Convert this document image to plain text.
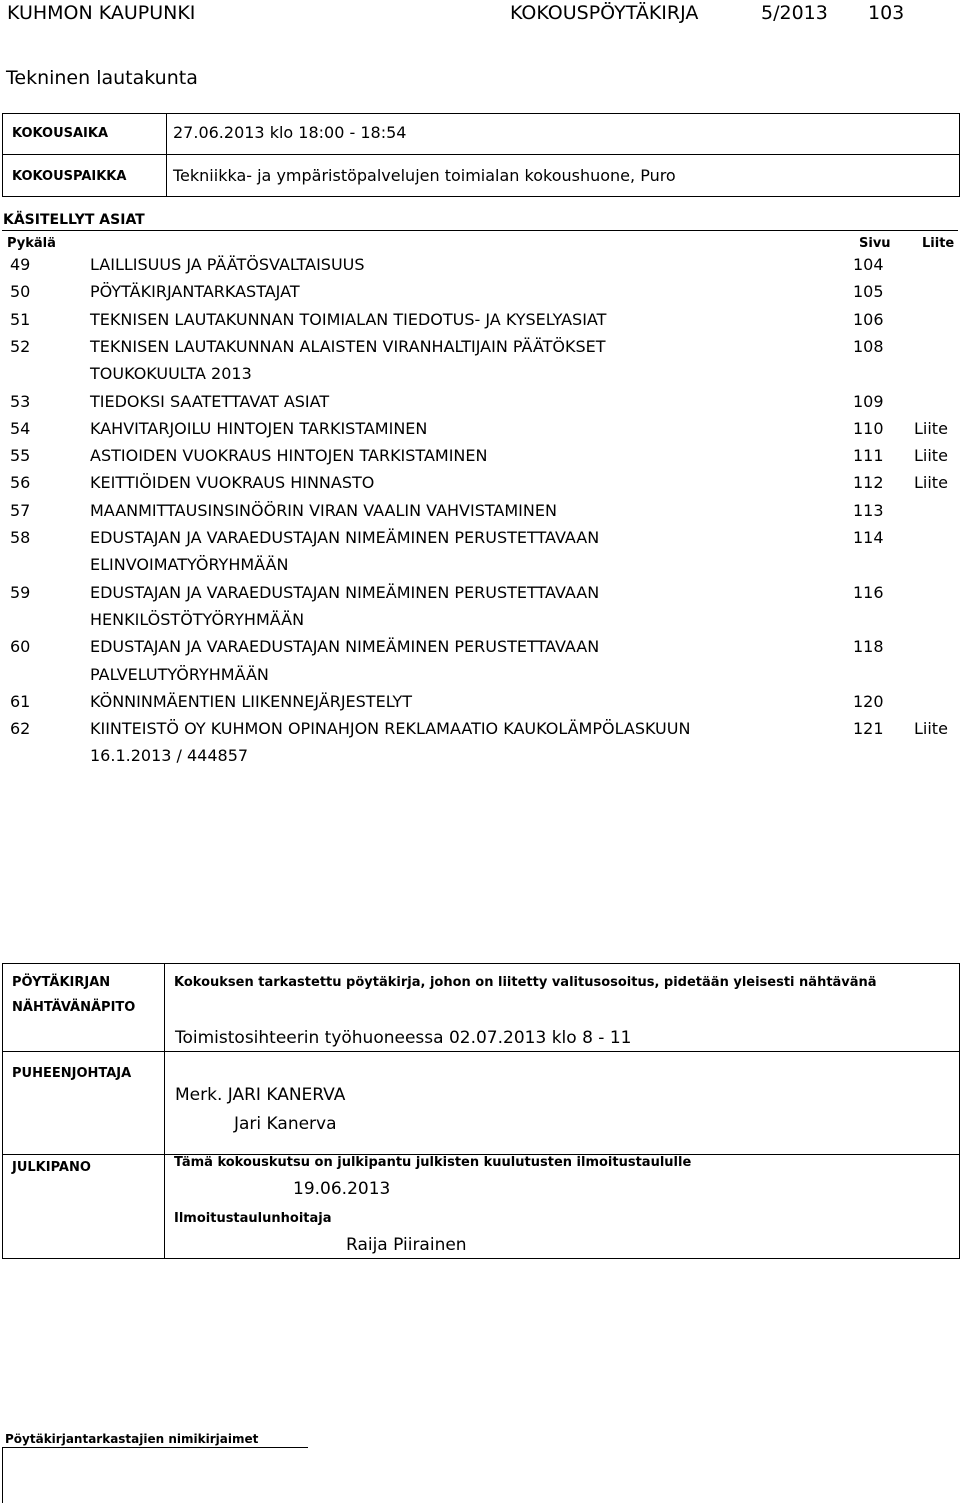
KUHMON KAUPUNKI	KOKOUSPÖYTÄKIRJA	5/2013 103
Tekninen lautakunta
KOKOUSAIKA	27.06.2013 klo 18:00 - 18:54
KOKOUSPAIKKA	Tekniikka- ja ympäristöpalvelujen toimialan kokoushuone, Puro
KÄSITELLYT ASIAT
Pykälä	Sivu Liite
49	LAILLISUUS JA PÄÄTÖSVALTAISUUS	104
50	PÖYTÄKIRJANTARKASTAJAT	105
51	TEKNISEN LAUTAKUNNAN TOIMIALAN TIEDOTUS- JA KYSELYASIAT	106
52	TEKNISEN LAUTAKUNNAN ALAISTEN VIRANHALTIJAIN PÄÄTÖKSET	108
TOUKOKUULTA 2013
53	TIEDOKSI SAATETTAVAT ASIAT	109
54	KAHVITARJOILU HINTOJEN TARKISTAMINEN	110 Liite
55	ASTIOIDEN VUOKRAUS HINTOJEN TARKISTAMINEN	111 Liite
56	KEITTIÖIDEN VUOKRAUS HINNASTO	112 Liite
57	MAANMITTAUSINSINÖÖRIN VIRAN VAALIN VAHVISTAMINEN	113
58	EDUSTAJAN JA VARAEDUSTAJAN NIMEÄMINEN PERUSTETTAVAAN	114
ELINVOIMATYÖRYHMÄÄN
59	EDUSTAJAN JA VARAEDUSTAJAN NIMEÄMINEN PERUSTETTAVAAN	116
HENKILÖSTÖTYÖRYHMÄÄN
60	EDUSTAJAN JA VARAEDUSTAJAN NIMEÄMINEN PERUSTETTAVAAN	118
PALVELUTYÖRYHMÄÄN
61	KÖNNINMÄENTIEN LIIKENNEJÄRJESTELYT	120
62	KIINTEISTÖ OY KUHMON OPINAHJON REKLAMAATIO KAUKOLÄMPÖLASKUUN	121 Liite
16.1.2013 / 444857
PÖYTÄKIRJAN
NÄHTÄVÄNÄPITO
Kokouksen tarkastettu pöytäkirja, johon on liitetty valitusosoitus, pidetään yleisesti nähtävänä
Toimistosihteerin työhuoneessa 02.07.2013 klo 8 - 11
PUHEENJOHTAJA
Merk. JARI KANERVA
Jari Kanerva
JULKIPANO	Tämä kokouskutsu on julkipantu julkisten kuulutusten ilmoitustaululle
19.06.2013
Ilmoitustaulunhoitaja
Raija Piirainen
Pöytäkirjantarkastajien nimikirjaimet
